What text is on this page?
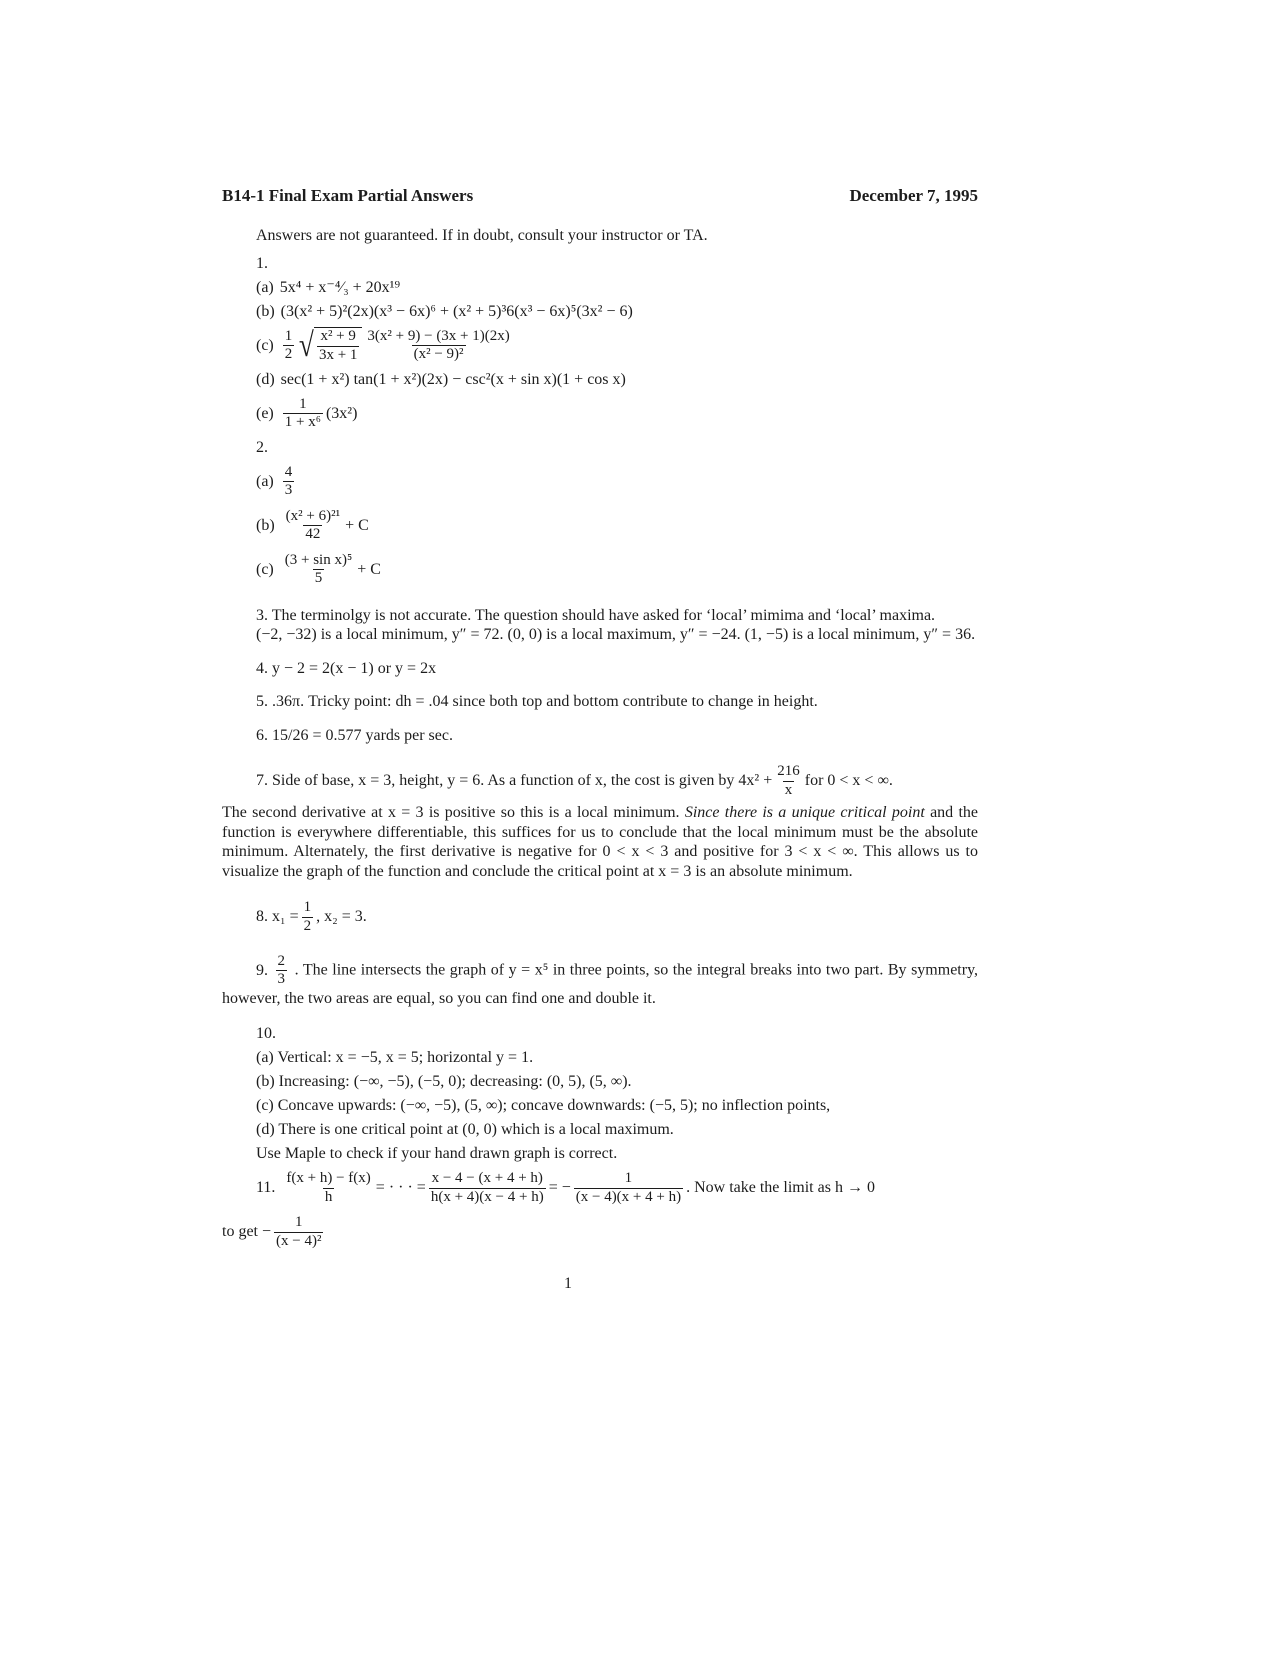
B14-1 Final Exam Partial Answers	December 7, 1995
Answers are not guaranteed. If in doubt, consult your instructor or TA.
1.
(a) 5x⁴ + x⁻⁴⁄₃ + 20x¹⁹
(b) (3(x² + 5)²(2x)(x³ − 6x)⁶ + (x² + 5)³6(x³ − 6x)⁵(3x² − 6)
$(c) \frac{1}{2}$ √ $\frac{\text{x² + 9}}{3x + 1} \frac{\text{3(x² + 9) − (3x + 1)(2x)}}{\text{(x² − 9)²}}$
(d) sec(1 + x²) tan(1 + x²)(2x) − csc²(x + sin x)(1 + cos x)
$(e) \frac{1}{\text{1 + x⁶}} (3x^2)$
2.
$(a) \frac{4}{3}$
$(b) \frac{\text{(x² + 6)²¹}}{42} + C$
$(c) \frac{\text{(3 + sin x)⁵}}{5} + C$
3. The terminolgy is not accurate. The question should have asked for ‘local’ mimima and ‘local’ maxima.
(−2, −32) is a local minimum, y″ = 72. (0, 0) is a local maximum, y″ = −24. (1, −5) is a local minimum, y″ = 36.
4. y − 2 = 2(x − 1) or y = 2x
5. .36π. Tricky point: dh = .04 since both top and bottom contribute to change in height.
6. 15/26 = 0.577 yards per sec.
7. Side of base, x = 3, height, y = 6. As a function of x, the cost is given by $4x^2 + \frac{216}{x}$ for 0 < x < ∞.
The second derivative at x = 3 is positive so this is a local minimum. Since there is a unique critical point and the function is everywhere differentiable, this suffices for us to conclude that the local minimum must be the absolute minimum. Alternately, the first derivative is negative for 0 < x < 3 and positive for 3 < x < ∞. This allows us to visualize the graph of the function and conclude the critical point at x = 3 is an absolute minimum.
8. $x_1 = \frac{1}{2}$ , x₂ = 3.
9. $\frac{2}{3}$ . The line intersects the graph of y = x⁵ in three points, so the integral breaks into two part. By symmetry, however, the two areas are equal, so you can find one and double it.
10.
(a) Vertical: x = −5, x = 5; horizontal y = 1.
(b) Increasing: (−∞, −5), (−5, 0); decreasing: (0, 5), (5, ∞).
(c) Concave upwards: (−∞, −5), (5, ∞); concave downwards: (−5, 5); no inflection points,
(d) There is one critical point at (0, 0) which is a local maximum.
Use Maple to check if your hand drawn graph is correct.
11. $\frac{f(x + h) - f(x)}{h}$ = · · · = $\frac{x - 4 - (x + 4 + h)}{h(x + 4)(x - 4 + h)}$ = − $\frac{1}{(x - 4)(x + 4 + h)}$ . Now take the limit as h → 0
to get − $\frac{1}{\text{(x − 4)²}}$
1
